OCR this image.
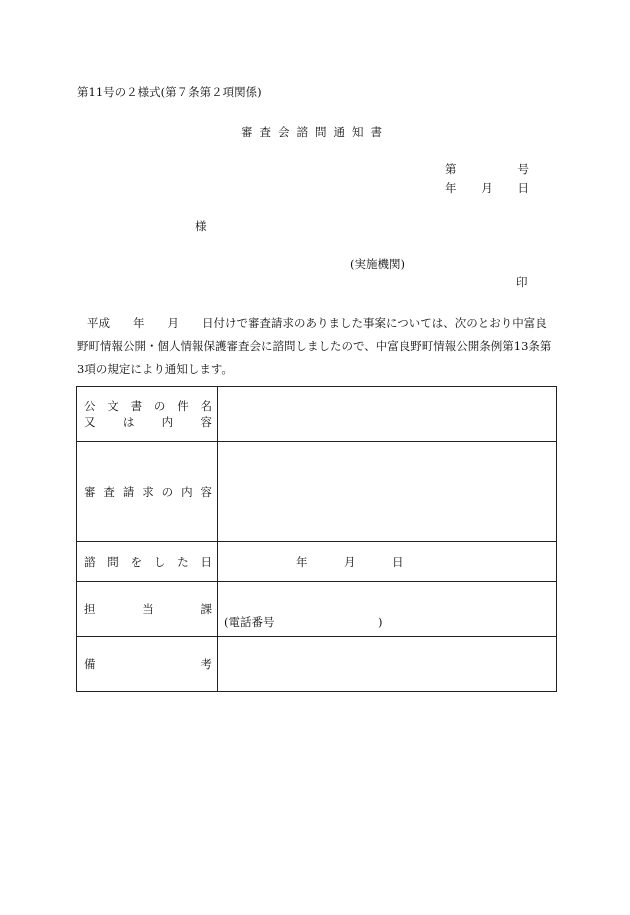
第11号の２様式(第７条第２項関係)
審査会諮問通知書
第	号
年 月 日
様
(実施機関)
印
平成　　年　　月　　日付けで審査請求のありました事案については、次のとおり中富良野町情報公開・個人情報保護審査会に諮問しましたので、中富良野町情報公開条例第13条第3項の規定により通知します。
公文書の件名
又は内容	

審査請求の内容	

諮問をした日	年 月 日

担当課	(電話番号　　　　　　　　　)

備考	
